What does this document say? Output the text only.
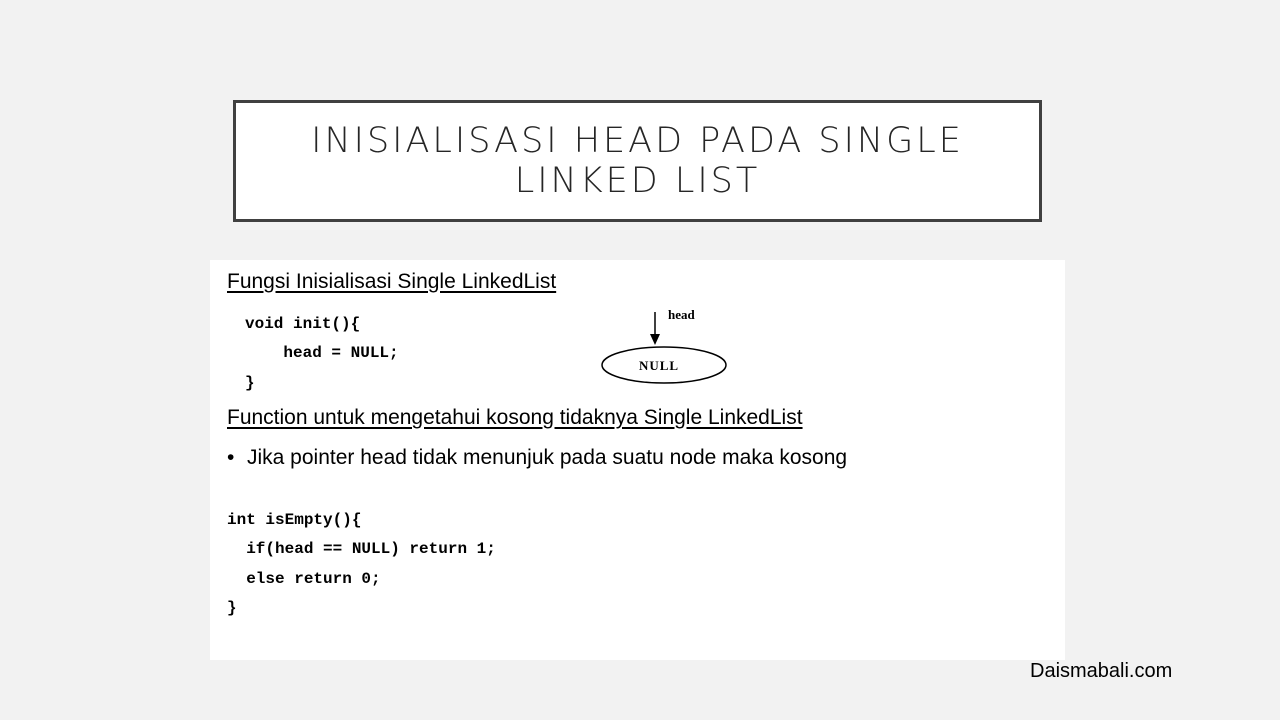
INISIALISASI HEAD PADA SINGLE LINKED LIST
Fungsi Inisialisasi Single LinkedList
void init(){
head = NULL;
}
head
NULL
Function untuk mengetahui kosong tidaknya Single LinkedList
• Jika pointer head tidak menunjuk pada suatu node maka kosong
int isEmpty(){
if(head == NULL) return 1;
else return 0;
}
Daismabali.com
